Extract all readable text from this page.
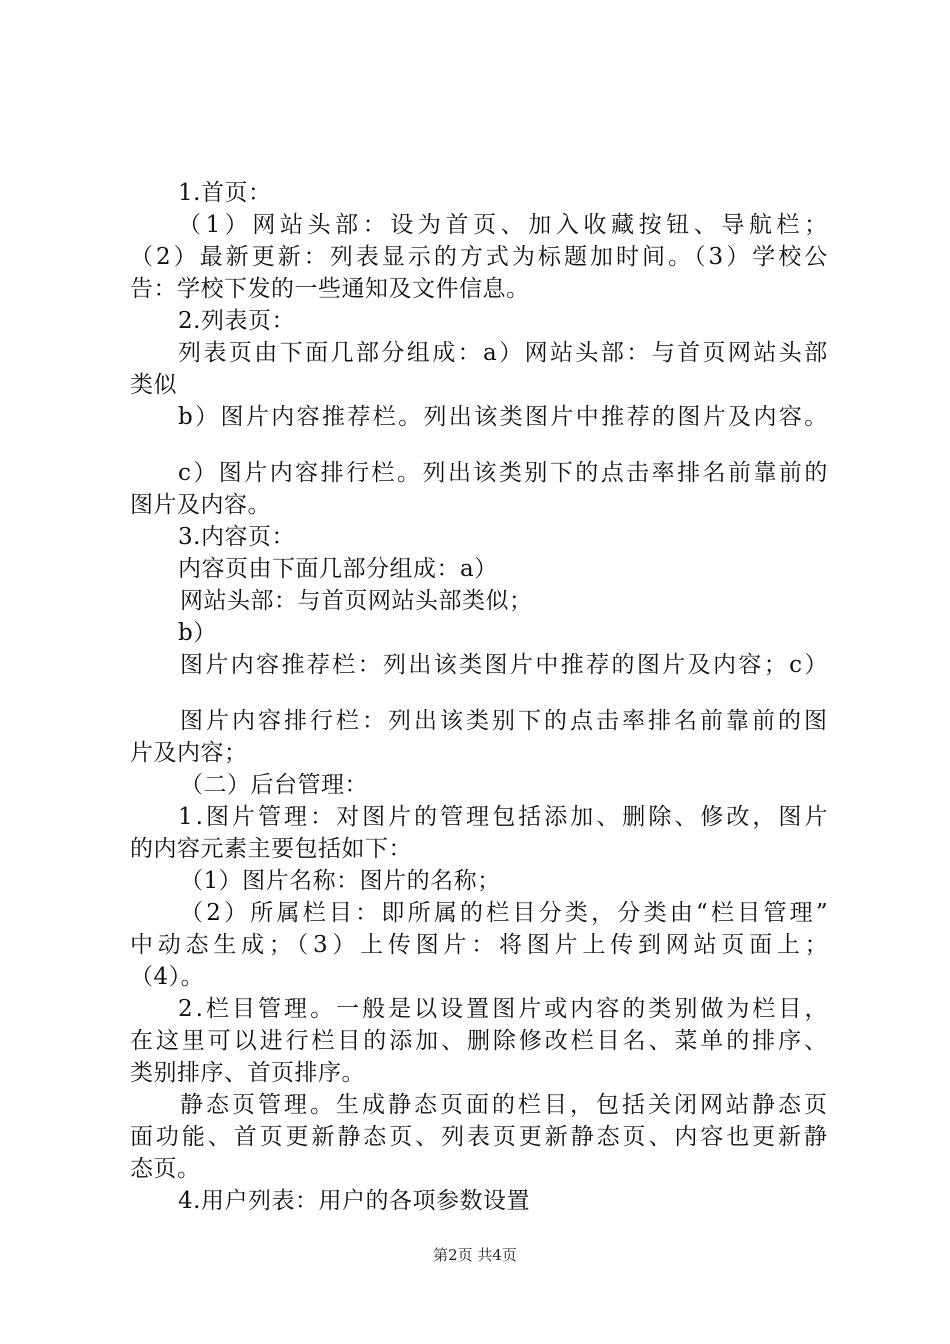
1.首页：
（1）网站头部：设为首页、加入收藏按钮、导航栏；
（2）最新更新：列表显示的方式为标题加时间。（3）学校公
告：学校下发的一些通知及文件信息。
2.列表页：
列表页由下面几部分组成：a）网站头部：与首页网站头部
类似
b）图片内容推荐栏。列出该类图片中推荐的图片及内容。
c）图片内容排行栏。列出该类别下的点击率排名前靠前的
图片及内容。
3.内容页：
内容页由下面几部分组成：a）
网站头部：与首页网站头部类似；
b）
图片内容推荐栏：列出该类图片中推荐的图片及内容；c）
图片内容排行栏：列出该类别下的点击率排名前靠前的图
片及内容；
（二）后台管理：
1.图片管理：对图片的管理包括添加、删除、修改，图片
的内容元素主要包括如下：
（1）图片名称：图片的名称；
（2）所属栏目：即所属的栏目分类，分类由“栏目管理”
中动态生成；（3）上传图片：将图片上传到网站页面上；
（4）。
2.栏目管理。一般是以设置图片或内容的类别做为栏目，
在这里可以进行栏目的添加、删除修改栏目名、菜单的排序、
类别排序、首页排序。
静态页管理。生成静态页面的栏目，包括关闭网站静态页
面功能、首页更新静态页、列表页更新静态页、内容也更新静
态页。
4.用户列表：用户的各项参数设置
第2页 共4页
